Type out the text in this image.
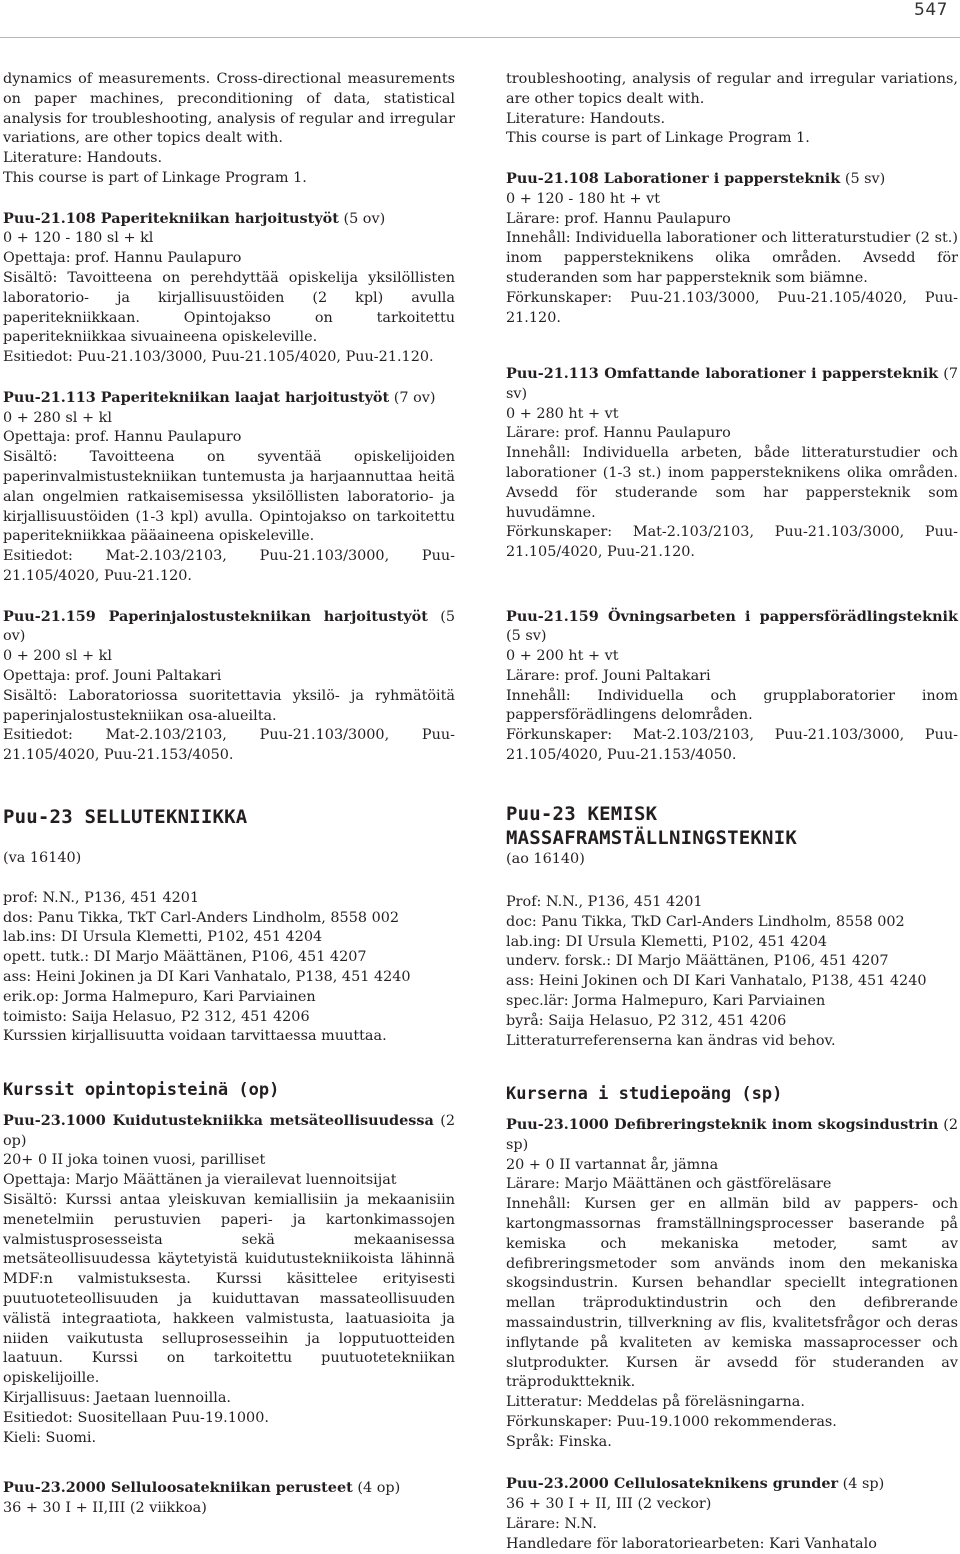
547

dynamics of measurements. Cross-directional measurements on paper machines, preconditioning of data, statistical analysis for troubleshooting, analysis of regular and irregular variations, are other topics dealt with.

Literature: Handouts.

This course is part of Linkage Program 1.

Puu-21.108 Paperitekniikan harjoitustyöt (5 ov)

0 + 120 - 180 sl + kl

Opettaja: prof. Hannu Paulapuro

Sisältö: Tavoitteena on perehdyttää opiskelija yksilöllisten laboratorio- ja kirjallisuustöiden (2 kpl) avulla paperitekniikkaan. Opintojakso on tarkoitettu paperitekniikkaa sivuaineena opiskeleville.

Esitiedot: Puu-21.103/3000, Puu-21.105/4020, Puu-21.120.

Puu-21.113 Paperitekniikan laajat harjoitustyöt (7 ov)

0 + 280 sl + kl

Opettaja: prof. Hannu Paulapuro

Sisältö: Tavoitteena on syventää opiskelijoiden paperinvalmistustekniikan tuntemusta ja harjaannuttaa heitä alan ongelmien ratkaisemisessa yksilöllisten laboratorio- ja kirjallisuustöiden (1-3 kpl) avulla. Opintojakso on tarkoitettu paperitekniikkaa pääaineena opiskeleville.

Esitiedot: Mat-2.103/2103, Puu-21.103/3000, Puu-21.105/4020, Puu-21.120.

Puu-21.159 Paperinjalostustekniikan harjoitustyöt (5 ov)

0 + 200 sl + kl

Opettaja: prof. Jouni Paltakari

Sisältö: Laboratoriossa suoritettavia yksilö- ja ryhmätöitä paperinjalostustekniikan osa-alueilta.

Esitiedot: Mat-2.103/2103, Puu-21.103/3000, Puu-21.105/4020, Puu-21.153/4050.

Puu-23 SELLUTEKNIIKKA

(va 16140)

prof: N.N., P136, 451 4201

dos: Panu Tikka, TkT Carl-Anders Lindholm, 8558 002

lab.ins: DI Ursula Klemetti, P102, 451 4204

opett. tutk.: DI Marjo Määttänen, P106, 451 4207

ass: Heini Jokinen ja DI Kari Vanhatalo, P138, 451 4240

erik.op: Jorma Halmepuro, Kari Parviainen

toimisto: Saija Helasuo, P2 312, 451 4206

Kurssien kirjallisuutta voidaan tarvittaessa muuttaa.

Kurssit opintopisteinä (op)

Puu-23.1000 Kuidutustekniikka metsäteollisuudessa (2 op)

20+ 0 II joka toinen vuosi, parilliset

Opettaja: Marjo Määttänen ja vierailevat luennoitsijat

Sisältö: Kurssi antaa yleiskuvan kemiallisiin ja mekaanisiin menetelmiin perustuvien paperi- ja kartonkimassojen valmistusprosesseista sekä mekaanisessa metsäteollisuudessa käytetyistä kuidutustekniikoista lähinnä MDF:n valmistuksesta. Kurssi käsittelee erityisesti puutuoteteollisuuden ja kuiduttavan massateollisuuden välistä integraatiota, hakkeen valmistusta, laatuasioita ja niiden vaikutusta selluprosesseihin ja lopputuotteiden laatuun. Kurssi on tarkoitettu puutuotetekniikan opiskelijoille.

Kirjallisuus: Jaetaan luennoilla.

Esitiedot: Suositellaan Puu-19.1000.

Kieli: Suomi.

Puu-23.2000 Selluloosatekniikan perusteet (4 op)

36 + 30 I + II,III (2 viikkoa)

troubleshooting, analysis of regular and irregular variations, are other topics dealt with.

Literature: Handouts.

This course is part of Linkage Program 1.

Puu-21.108 Laborationer i pappersteknik (5 sv)

0 + 120 - 180 ht + vt

Lärare: prof. Hannu Paulapuro

Innehåll: Individuella laborationer och litteraturstudier (2 st.) inom pappersteknikens olika områden. Avsedd för studeranden som har pappersteknik som biämne.

Förkunskaper: Puu-21.103/3000, Puu-21.105/4020, Puu-21.120.

Puu-21.113 Omfattande laborationer i pappersteknik (7 sv)

0 + 280 ht + vt

Lärare: prof. Hannu Paulapuro

Innehåll: Individuella arbeten, både litteraturstudier och laborationer (1-3 st.) inom pappersteknikens olika områden. Avsedd för studerande som har pappersteknik som huvudämne.

Förkunskaper: Mat-2.103/2103, Puu-21.103/3000, Puu-21.105/4020, Puu-21.120.

Puu-21.159 Övningsarbeten i pappersförädlingsteknik (5 sv)

0 + 200 ht + vt

Lärare: prof. Jouni Paltakari

Innehåll: Individuella och grupplaboratorier inom pappersförädlingens delområden.

Förkunskaper: Mat-2.103/2103, Puu-21.103/3000, Puu-21.105/4020, Puu-21.153/4050.

Puu-23 KEMISK MASSAFRAMSTÄLLNINGSTEKNIK

(ao 16140)

Prof: N.N., P136, 451 4201

doc: Panu Tikka, TkD Carl-Anders Lindholm, 8558 002

lab.ing: DI Ursula Klemetti, P102, 451 4204

underv. forsk.: DI Marjo Määttänen, P106, 451 4207

ass: Heini Jokinen och DI Kari Vanhatalo, P138, 451 4240

spec.lär: Jorma Halmepuro, Kari Parviainen

byrå: Saija Helasuo, P2 312, 451 4206

Litteraturreferenserna kan ändras vid behov.

Kurserna i studiepoäng (sp)

Puu-23.1000 Defibreringsteknik inom skogsindustrin (2 sp)

20 + 0 II vartannat år, jämna

Lärare: Marjo Määttänen och gästföreläsare

Innehåll: Kursen ger en allmän bild av pappers- och kartongmassornas framställningsprocesser baserande på kemiska och mekaniska metoder, samt av defibreringsmetoder som används inom den mekaniska skogsindustrin. Kursen behandlar speciellt integrationen mellan träproduktindustrin och den defibrerande massaindustrin, tillverkning av flis, kvalitetsfrågor och deras inflytande på kvaliteten av kemiska massaprocesser och slutprodukter. Kursen är avsedd för studeranden av träproduktteknik.

Litteratur: Meddelas på föreläsningarna.

Förkunskaper: Puu-19.1000 rekommenderas.

Språk: Finska.

Puu-23.2000 Cellulosateknikens grunder (4 sp)

36 + 30 I + II, III (2 veckor)

Lärare: N.N.

Handledare för laboratoriearbeten: Kari Vanhatalo
